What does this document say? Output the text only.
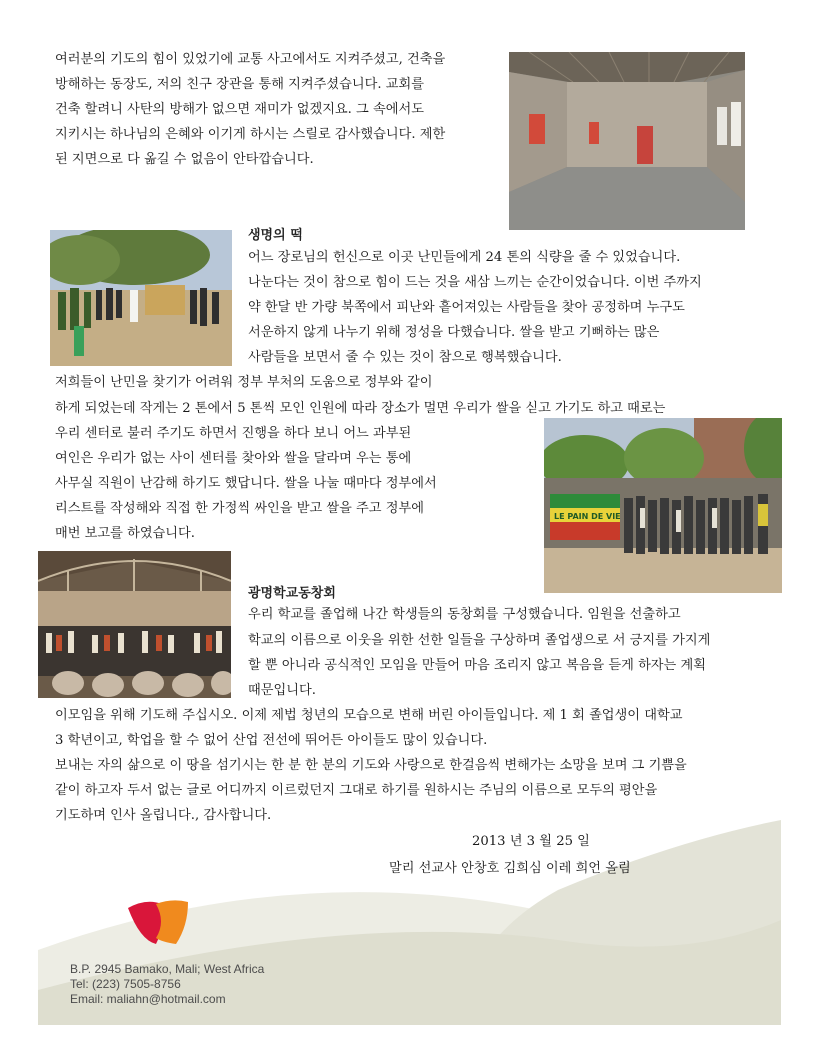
여러분의 기도의 힘이 있었기에 교통 사고에서도 지켜주셨고, 건축을
방해하는 동장도, 저의 친구 장관을 통해 지켜주셨습니다. 교회를
건축 할려니 사탄의 방해가 없으면 재미가 없겠지요. 그 속에서도
지키시는 하나님의 은혜와 이기게 하시는 스릴로 감사했습니다. 제한
된 지면으로 다 옮길 수 없음이 안타깝습니다.
생명의 떡
어느 장로님의 헌신으로 이곳 난민들에게 24 톤의 식량을 줄 수 있었습니다.
나눈다는 것이 참으로 힘이 드는 것을 새삼 느끼는 순간이었습니다. 이번 주까지
약 한달 반 가량 북쪽에서 피난와 흩어져있는 사람들을 찾아 공정하며 누구도
서운하지 않게 나누기 위해 정성을 다했습니다. 쌀을 받고 기뻐하는 많은
사람들을 보면서 줄 수 있는 것이 참으로 행복했습니다.
저희들이 난민을 찾기가 어려워 정부 부처의 도움으로 정부와 같이
하게 되었는데 작게는 2 톤에서 5 톤씩 모인 인원에 따라 장소가 멀면 우리가 쌀을 싣고 가기도 하고 때로는
우리 센터로 불러 주기도 하면서 진행을 하다 보니 어느 과부된
여인은 우리가 없는 사이 센터를 찾아와 쌀을 달라며 우는 통에
사무실 직원이 난감해 하기도 했답니다. 쌀을 나눌 때마다 정부에서
리스트를 작성해와 직접 한 가정씩 싸인을 받고 쌀을 주고 정부에
매번 보고를 하였습니다.
LE PAIN DE VIE
광명학교동창회
우리 학교를 졸업해 나간 학생들의 동창회를 구성했습니다. 임원을 선출하고
학교의 이름으로 이웃을 위한 선한 일들을 구상하며 졸업생으로 서 긍지를 가지게
할 뿐 아니라 공식적인 모임을 만들어 마음 조리지 않고 복음을 듣게 하자는 계획
때문입니다.
이모임을 위해 기도해 주십시오. 이제 제법 청년의 모습으로 변해 버린 아이들입니다. 제 1 회 졸업생이 대학교
3 학년이고, 학업을 할 수 없어 산업 전선에 뛰어든 아이들도 많이 있습니다.
보내는 자의 삶으로 이 땅을 섬기시는 한 분 한 분의 기도와 사랑으로 한걸음씩 변해가는 소망을 보며 그 기쁨을
같이 하고자 두서 없는 글로 어디까지 이르렀던지 그대로 하기를 원하시는 주님의 이름으로 모두의 평안을
기도하며 인사 올립니다., 감사합니다.
2013 년 3 월 25 일
말리 선교사 안창호 김희심 이레 희언 올림
B.P. 2945 Bamako, Mali; West Africa
Tel: (223) 7505-8756
Email: maliahn@hotmail.com
